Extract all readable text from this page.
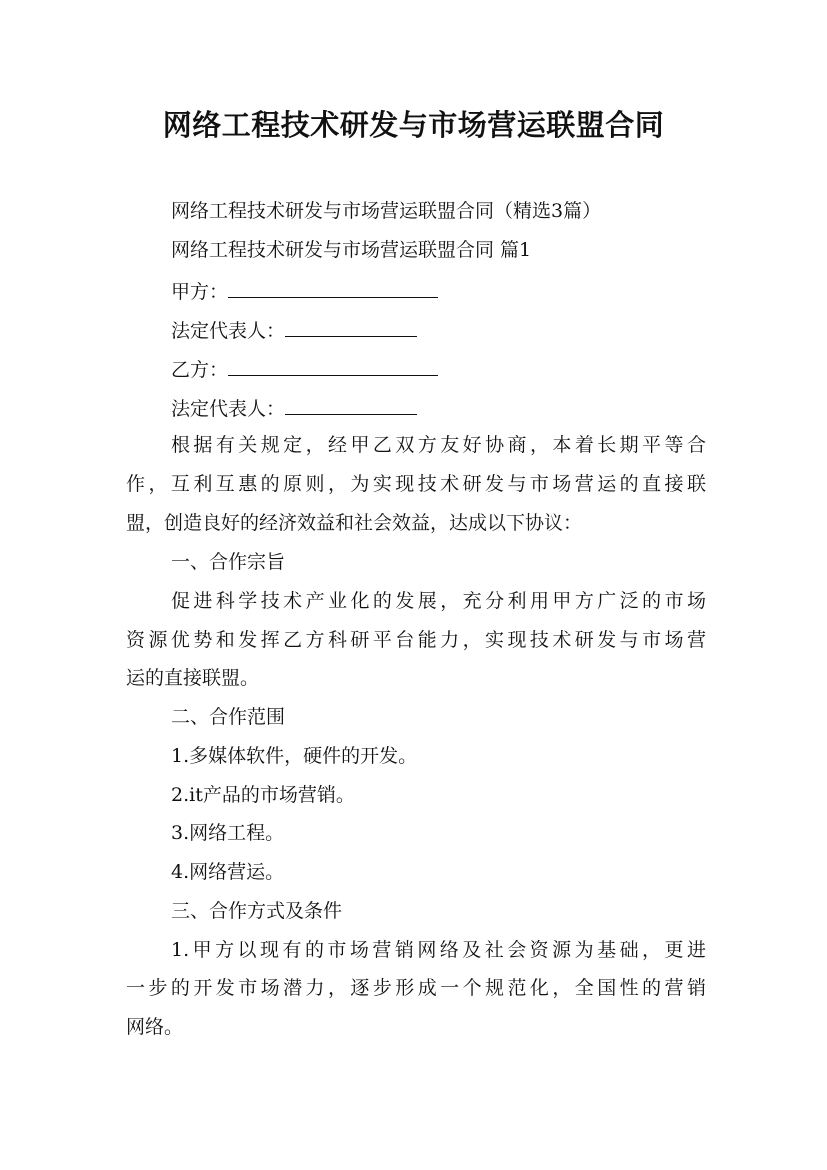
网络工程技术研发与市场营运联盟合同
网络工程技术研发与市场营运联盟合同（精选3篇）
网络工程技术研发与市场营运联盟合同 篇1
甲方：
法定代表人：
乙方：
法定代表人：
根据有关规定，经甲乙双方友好协商，本着长期平等合
作，互利互惠的原则，为实现技术研发与市场营运的直接联
盟，创造良好的经济效益和社会效益，达成以下协议：
一、合作宗旨
促进科学技术产业化的发展，充分利用甲方广泛的市场
资源优势和发挥乙方科研平台能力，实现技术研发与市场营
运的直接联盟。
二、合作范围
1.多媒体软件，硬件的开发。
2.it产品的市场营销。
3.网络工程。
4.网络营运。
三、合作方式及条件
1.甲方以现有的市场营销网络及社会资源为基础，更进
一步的开发市场潜力，逐步形成一个规范化，全国性的营销
网络。
